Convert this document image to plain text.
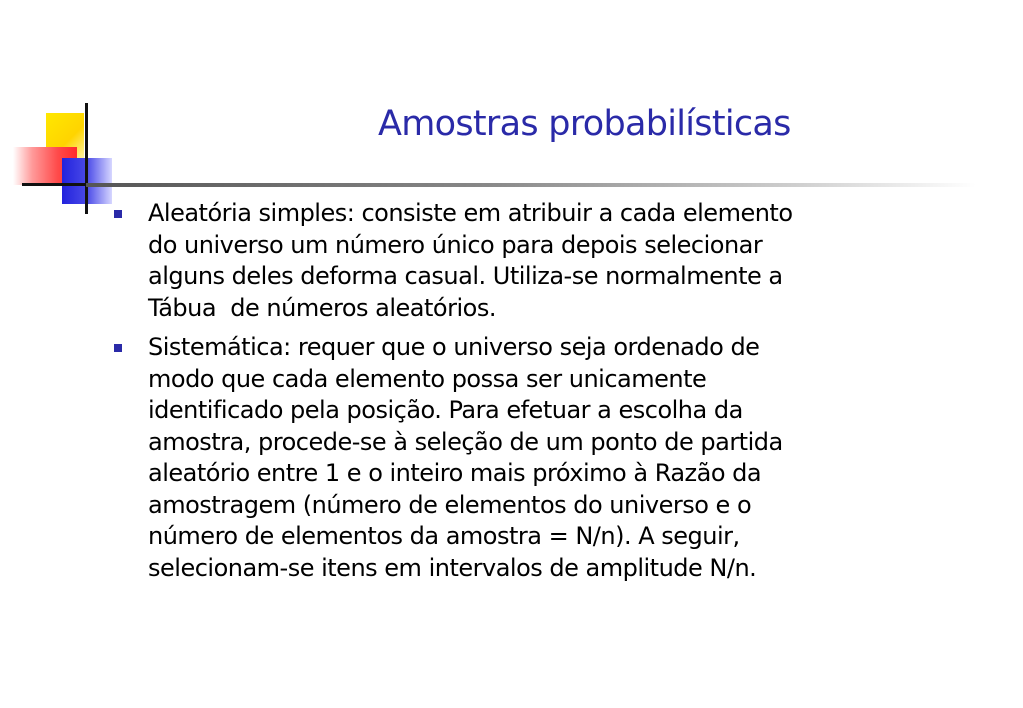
Amostras probabilísticas
Aleatória simples: consiste em atribuir a cada elemento
do universo um número único para depois selecionar
alguns deles deforma casual. Utiliza-se normalmente a
Tábua  de números aleatórios.
Sistemática: requer que o universo seja ordenado de
modo que cada elemento possa ser unicamente
identificado pela posição. Para efetuar a escolha da
amostra, procede-se à seleção de um ponto de partida
aleatório entre 1 e o inteiro mais próximo à Razão da
amostragem (número de elementos do universo e o
número de elementos da amostra = N/n). A seguir,
selecionam-se itens em intervalos de amplitude N/n.
